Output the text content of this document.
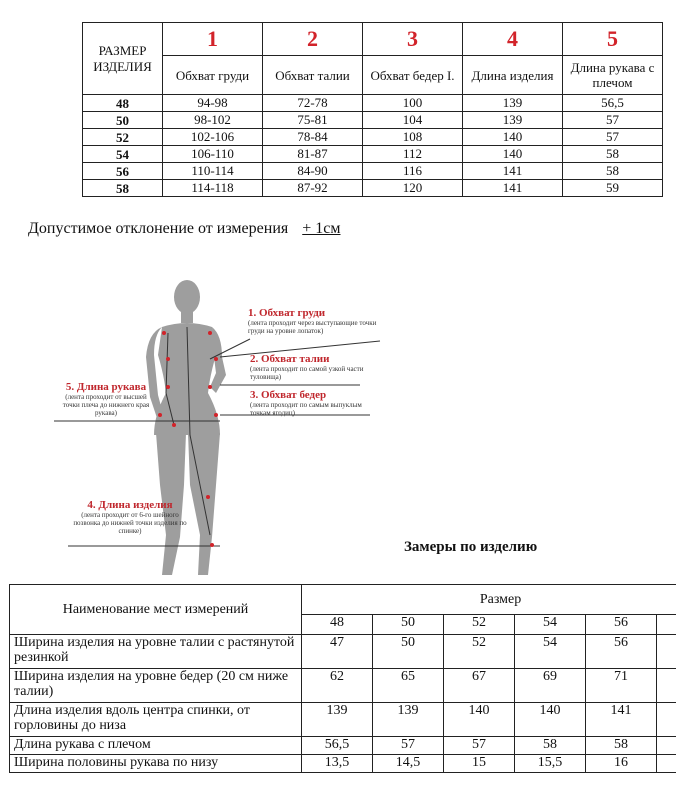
РАЗМЕР ИЗДЕЛИЯ	1	2	3	4	5
	Обхват груди	Обхват талии	Обхват бедер I.	Длина изделия	Длина рукава с плечом
48	94-98	72-78	100	139	56,5
50	98-102	75-81	104	139	57
52	102-106	78-84	108	140	57
54	106-110	81-87	112	140	58
56	110-114	84-90	116	141	58
58	114-118	87-92	120	141	59
Допустимое отклонение от измерения + 1см
1. Обхват груди
(лента проходит через выступающие точки груди на уровне лопаток)
2. Обхват талии
(лента проходит по самой узкой части туловища)
3. Обхват бедер
(лента проходит по самым выпуклым точкам ягодиц)
5. Длина рукава
(лента проходит от высшей точки плеча до нижнего края рукава)
4. Длина изделия
(лента проходит от 6-го шейного позвонка до нижней точки изделия по спинке)
Замеры по изделию
Наименование мест измерений	Размер					
	48	50	52	54	56	
Ширина изделия на уровне талии с растянутой резинкой	47	50	52	54	56	
Ширина изделия на уровне бедер (20 см ниже талии)	62	65	67	69	71	
Длина изделия вдоль центра спинки, от горловины до низа	139	139	140	140	141	
Длина рукава с плечом	56,5	57	57	58	58	
Ширина половины рукава по низу	13,5	14,5	15	15,5	16	
